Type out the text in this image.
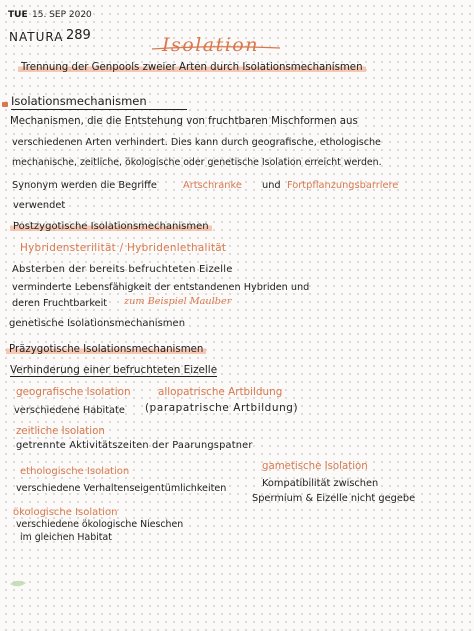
TUE 15. SEP 2020
NATURA 289	Isolation
Trennung der Genpools zweier Arten durch Isolationsmechanismen
Isolationsmechanismen
Mechanismen, die die Entstehung von fruchtbaren Mischformen aus
verschiedenen Arten verhindert. Dies kann durch geografische, ethologische
mechanische, zeitliche, ökologische oder genetische Isolation erreicht werden.
Synonym werden die Begriffe	Artschranke und Fortpflanzungsbarriere
verwendet
Postzygotische Isolationsmechanismen
Hybridensterilität / Hybridenlethalität
Absterben der bereits befruchteten Eizelle
verminderte Lebensfähigkeit der entstandenen Hybriden und
deren Fruchtbarkeit zum Beispiel Maulber
genetische Isolationsmechanismen
Präzygotische Isolationsmechanismen
Verhinderung einer befruchteten Eizelle
geografische Isolation	allopatrische Artbildung
verschiedene Habitate (parapatrische Artbildung)
zeitliche Isolation
getrennte Aktivitätszeiten der Paarungspatner
ethologische Isolation
verschiedene Verhaltenseigentümlichkeiten
gametische Isolation
Kompatibilität zwischen
Spermium & Eizelle nicht gegebe
ökologische Isolation
verschiedene ökologische Nieschen
im gleichen Habitat
